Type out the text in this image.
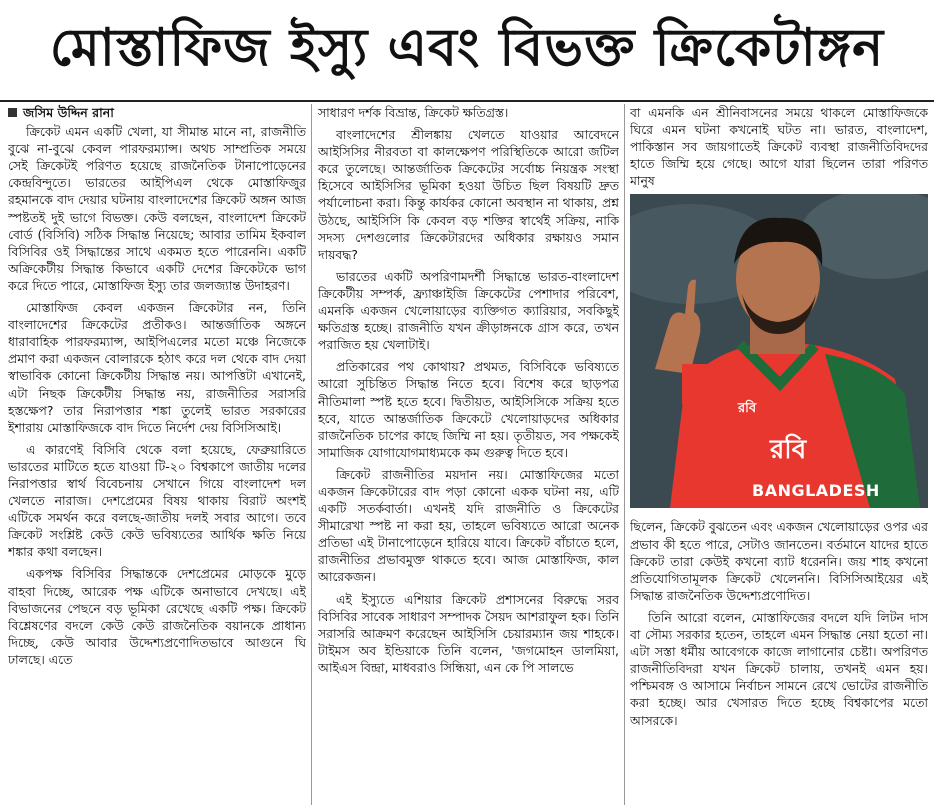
মোস্তাফিজ ইস্যু এবং বিভক্ত ক্রিকেটাঙ্গন
জসিম উদ্দিন রানা

ক্রিকেট এমন একটি খেলা, যা সীমান্ত মানে না, রাজনীতি বুঝে না-বুঝে কেবল পারফরম্যান্স। অথচ সাম্প্রতিক সময়ে সেই ক্রিকেটই পরিণত হয়েছে রাজনৈতিক টানাপোড়েনের কেন্দ্রবিন্দুতে। ভারতের আইপিএল থেকে মোস্তাফিজুর রহমানকে বাদ দেয়ার ঘটনায় বাংলাদেশের ক্রিকেট অঙ্গন আজ স্পষ্টতই দুই ভাগে বিভক্ত। কেউ বলছেন, বাংলাদেশ ক্রিকেট বোর্ড (বিসিবি) সঠিক সিদ্ধান্ত নিয়েছে; আবার তামিম ইকবাল বিসিবির ওই সিদ্ধান্তের সাথে একমত হতে পারেননি। একটি অক্রিকেটীয় সিদ্ধান্ত কিভাবে একটি দেশের ক্রিকেটকে ভাগ করে দিতে পারে, মোস্তাফিজ ইস্যু তার জলজ্যান্ত উদাহরণ।

মোস্তাফিজ কেবল একজন ক্রিকেটার নন, তিনি বাংলাদেশের ক্রিকেটের প্রতীকও। আন্তর্জাতিক অঙ্গনে ধারাবাহিক পারফরম্যান্স, আইপিএলের মতো মঞ্চে নিজেকে প্রমাণ করা একজন বোলারকে হঠাৎ করে দল থেকে বাদ দেয়া স্বাভাবিক কোনো ক্রিকেটীয় সিদ্ধান্ত নয়। আপত্তিটা এখানেই, এটা নিছক ক্রিকেটীয় সিদ্ধান্ত নয়, রাজনীতির সরাসরি হস্তক্ষেপ? তার নিরাপত্তার শঙ্কা তুলেই ভারত সরকারের ইশারায় মোস্তাফিজকে বাদ দিতে নির্দেশ দেয় বিসিসিআই।

এ কারণেই বিসিবি থেকে বলা হয়েছে, ফেব্রুয়ারিতে ভারতের মাটিতে হতে যাওয়া টি-২০ বিশ্বকাপে জাতীয় দলের নিরাপত্তার স্বার্থ বিবেচনায় সেখানে গিয়ে বাংলাদেশ দল খেলতে নারাজ। দেশপ্রেমের বিষয় থাকায় বিরাট অংশই এটিকে সমর্থন করে বলছে-জাতীয় দলই সবার আগে। তবে ক্রিকেট সংশ্লিষ্ট কেউ কেউ ভবিষ্যতের আর্থিক ক্ষতি নিয়ে শঙ্কার কথা বলছেন।

একপক্ষ বিসিবির সিদ্ধান্তকে দেশপ্রেমের মোড়কে মুড়ে বাহবা দিচ্ছে, আরেক পক্ষ এটিকে অনাভাবে দেখছে। এই বিভাজনের পেছনে বড় ভূমিকা রেখেছে একটি পক্ষ। ক্রিকেট বিশ্লেষণের বদলে কেউ কেউ রাজনৈতিক বয়ানকে প্রাধান্য দিচ্ছে, কেউ আবার উদ্দেশ্যপ্রণোদিতভাবে আগুনে ঘি ঢালছে। এতে

সাধারণ দর্শক বিভ্রান্ত, ক্রিকেট ক্ষতিগ্রস্ত।

বাংলাদেশের শ্রীলঙ্কায় খেলতে যাওয়ার আবেদনে আইসিসির নীরবতা বা কালক্ষেপণ পরিস্থিতিকে আরো জটিল করে তুলেছে। আন্তর্জাতিক ক্রিকেটের সর্বোচ্চ নিয়ন্ত্রক সংস্থা হিসেবে আইসিসির ভূমিকা হওয়া উচিত ছিল বিষয়টি দ্রুত পর্যালোচনা করা। কিন্তু কার্যকর কোনো অবস্থান না থাকায়, প্রশ্ন উঠছে, আইসিসি কি কেবল বড় শক্তির স্বার্থেই সক্রিয়, নাকি সদস্য দেশগুলোর ক্রিকেটারদের অধিকার রক্ষায়ও সমান দায়বদ্ধ?

ভারতের একটি অপরিণামদর্শী সিদ্ধান্তে ভারত-বাংলাদেশ ক্রিকেটীয় সম্পর্ক, ফ্র্যাঞ্চাইজি ক্রিকেটের পেশাদার পরিবেশ, এমনকি একজন খেলোয়াড়ের ব্যক্তিগত ক্যারিয়ার, সবকিছুই ক্ষতিগ্রস্ত হচ্ছে। রাজনীতি যখন ক্রীড়াঙ্গনকে গ্রাস করে, তখন পরাজিত হয় খেলাটাই।

প্রতিকারের পথ কোথায়? প্রথমত, বিসিবিকে ভবিষ্যতে আরো সুচিন্তিত সিদ্ধান্ত নিতে হবে। বিশেষ করে ছাড়পত্র নীতিমালা স্পষ্ট হতে হবে। দ্বিতীয়ত, আইসিসিকে সক্রিয় হতে হবে, যাতে আন্তর্জাতিক ক্রিকেটে খেলোয়াড়দের অধিকার রাজনৈতিক চাপের কাছে জিম্মি না হয়। তৃতীয়ত, সব পক্ষকেই সামাজিক যোগাযোগমাধ্যমকে কম গুরুত্ব দিতে হবে।

ক্রিকেট রাজনীতির ময়দান নয়। মোস্তাফিজের মতো একজন ক্রিকেটারের বাদ পড়া কোনো একক ঘটনা নয়, এটি একটি সতর্কবার্তা। এখনই যদি রাজনীতি ও ক্রিকেটের সীমারেখা স্পষ্ট না করা হয়, তাহলে ভবিষ্যতে আরো অনেক প্রতিভা এই টানাপোড়েনে হারিয়ে যাবে। ক্রিকেট বাঁচাতে হলে, রাজনীতির প্রভাবমুক্ত থাকতে হবে। আজ মোস্তাফিজ, কাল আরেকজন।

এই ইস্যুতে এশিয়ার ক্রিকেট প্রশাসনের বিরুদ্ধে সরব বিসিবির সাবেক সাধারণ সম্পাদক সৈয়দ আশরাফুল হক। তিনি সরাসরি আক্রমণ করেছেন আইসিসি চেয়ারম্যান জয় শাহকে। টাইমস অব ইন্ডিয়াকে তিনি বলেন, 'জগমোহন ডালমিয়া, আইএস বিন্দ্রা, মাধবরাও সিন্ধিয়া, এন কে পি সালভে

বা এমনকি এন শ্রীনিবাসনের সময়ে থাকলে মোস্তাফিজকে ঘিরে এমন ঘটনা কখনোই ঘটত না। ভারত, বাংলাদেশ, পাকিস্তান সব জায়গাতেই ক্রিকেট ব্যবস্থা রাজনীতিবিদদের হাতে জিম্মি হয়ে গেছে। আগে যারা ছিলেন তারা পরিণত মানুষ

রবি
রবি
BANGLADESH

ছিলেন, ক্রিকেট বুঝতেন এবং একজন খেলোয়াড়ের ওপর এর প্রভাব কী হতে পারে, সেটাও জানতেন। বর্তমানে যাদের হাতে ক্রিকেট তারা কেউই কখনো ব্যাট ধরেননি। জয় শাহ কখনো প্রতিযোগিতামূলক ক্রিকেট খেলেননি। বিসিসিআইয়ের এই সিদ্ধান্ত রাজনৈতিক উদ্দেশ্যপ্রণোদিত।

তিনি আরো বলেন, মোস্তাফিজের বদলে যদি লিটন দাস বা সৌম্য সরকার হতেন, তাহলে এমন সিদ্ধান্ত নেয়া হতো না। এটা সস্তা ধর্মীয় আবেগকে কাজে লাগানোর চেষ্টা। অপরিণত রাজনীতিবিদরা যখন ক্রিকেট চালায়, তখনই এমন হয়। পশ্চিমবঙ্গ ও আসামে নির্বাচন সামনে রেখে ভোটের রাজনীতি করা হচ্ছে। আর খেসারত দিতে হচ্ছে বিশ্বকাপের মতো আসরকে।
